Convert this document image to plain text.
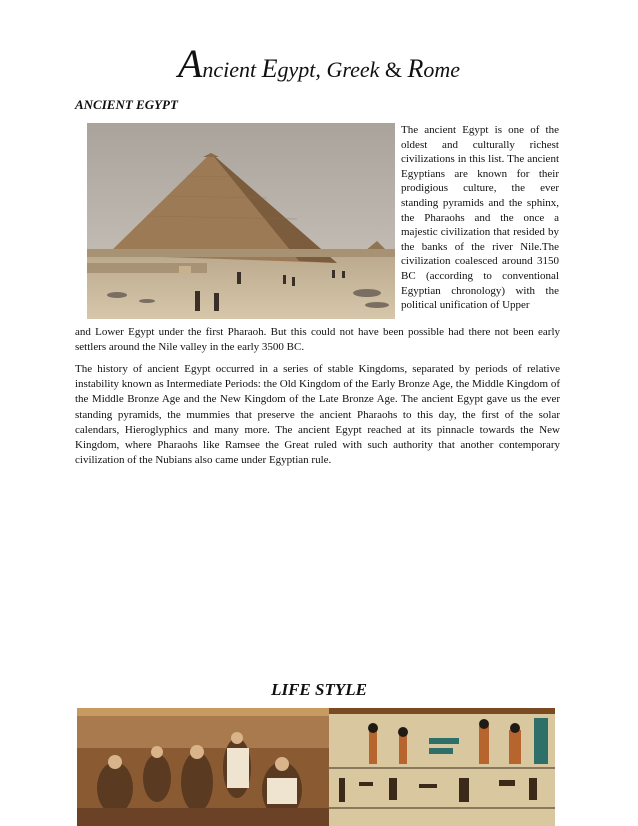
Ancient Egypt, Greek & Rome
ANCIENT EGYPT
The ancient Egypt is one of the oldest and culturally richest civilizations in this list. The ancient Egyptians are known for their prodigious culture, the ever standing pyramids and the sphinx, the Pharaohs and the once a majestic civilization that resided by the banks of the river Nile.The civilization coalesced around 3150 BC (according to conventional Egyptian chronology) with the political unification of Upper
and Lower Egypt under the first Pharaoh. But this could not have been possible had there not been early settlers around the Nile valley in the early 3500 BC.
The history of ancient Egypt occurred in a series of stable Kingdoms, separated by periods of relative instability known as Intermediate Periods: the Old Kingdom of the Early Bronze Age, the Middle Kingdom of the Middle Bronze Age and the New Kingdom of the Late Bronze Age. The ancient Egypt gave us the ever standing pyramids, the mummies that preserve the ancient Pharaohs to this day, the first of the solar calendars, Hieroglyphics and many more. The ancient Egypt reached at its pinnacle towards the New Kingdom, where Pharaohs like Ramsee the Great ruled with such authority that another contemporary civilization of the Nubians also came under Egyptian rule.
LIFE STYLE
